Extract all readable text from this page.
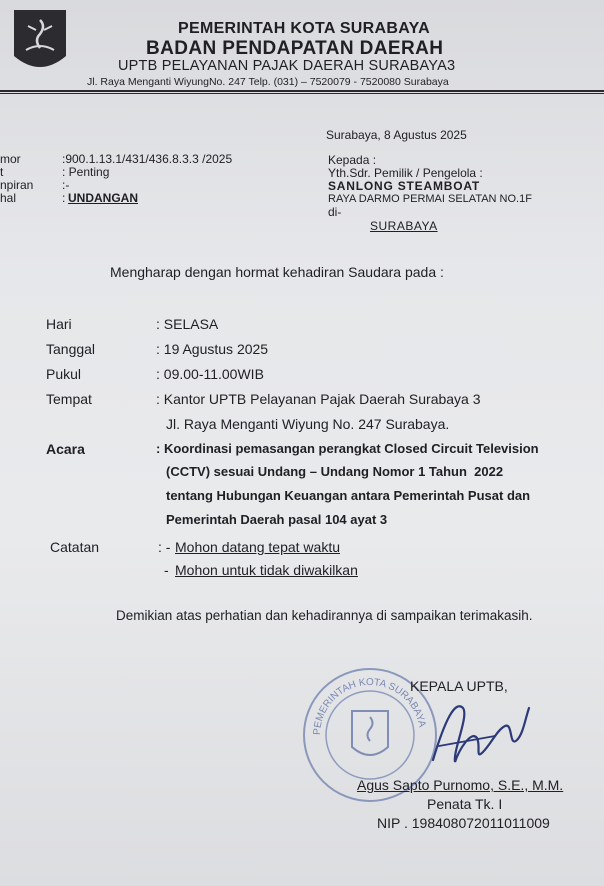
PEMERINTAH KOTA SURABAYA
BADAN PENDAPATAN DAERAH
UPTB PELAYANAN PAJAK DAERAH SURABAYA3
Jl. Raya Menganti WiyungNo. 247 Telp. (031) – 7520079 - 7520080 Surabaya
Surabaya, 8 Agustus 2025
mor	:900.1.13.1/431/436.8.3.3 /2025
t	: Penting
npiran :-
hal	: UNDANGAN
Kepada :
Yth.Sdr. Pemilik / Pengelola :
SANLONG STEAMBOAT
RAYA DARMO PERMAI SELATAN NO.1F
di-
SURABAYA
Mengharap dengan hormat kehadiran Saudara pada :
Hari	: SELASA
Tanggal	: 19 Agustus 2025
Pukul	: 09.00-11.00WIB
Tempat	: Kantor UPTB Pelayanan Pajak Daerah Surabaya 3
Jl. Raya Menganti Wiyung No. 247 Surabaya.
Acara	: Koordinasi pemasangan perangkat Closed Circuit Television
(CCTV) sesuai Undang – Undang Nomor 1 Tahun  2022
tentang Hubungan Keuangan antara Pemerintah Pusat dan
Pemerintah Daerah pasal 104 ayat 3
Catatan	: - Mohon datang tepat waktu
- Mohon untuk tidak diwakilkan
Demikian atas perhatian dan kehadirannya di sampaikan terimakasih.
PEMERINTAH KOTA SURABAYA
KEPALA UPTB,
Agus Sapto Purnomo, S.E., M.M.
Penata Tk. I
NIP . 198408072011011009
